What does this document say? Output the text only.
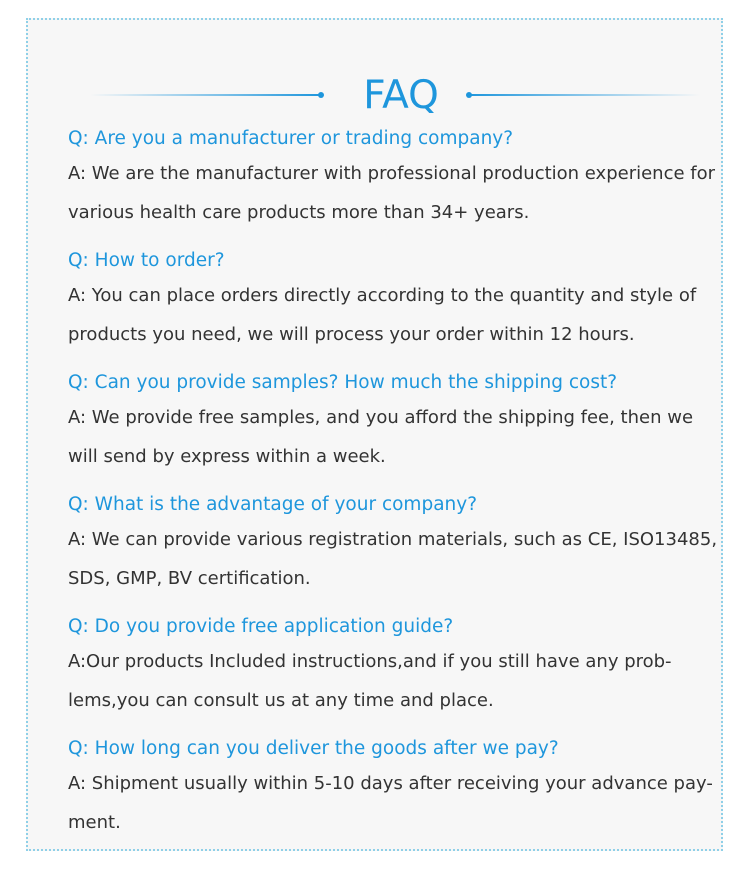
FAQ

Q: Are you a manufacturer or trading company?

A: We are the manufacturer with professional production experience for various health care products more than 34+ years.

Q: How to order?

A: You can place orders directly according to the quantity and style of products you need, we will process your order within 12 hours.

Q: Can you provide samples? How much the shipping cost?

A: We provide free samples, and you afford the shipping fee, then we will send by express within a week.

Q: What is the advantage of your company?

A: We can provide various registration materials, such as CE, ISO13485, SDS, GMP, BV certification.

Q: Do you provide free application guide?

A:Our products Included instructions,and if you still have any prob-lems,you can consult us at any time and place.

Q: How long can you deliver the goods after we pay?

A: Shipment usually within 5-10 days after receiving your advance pay-ment.
